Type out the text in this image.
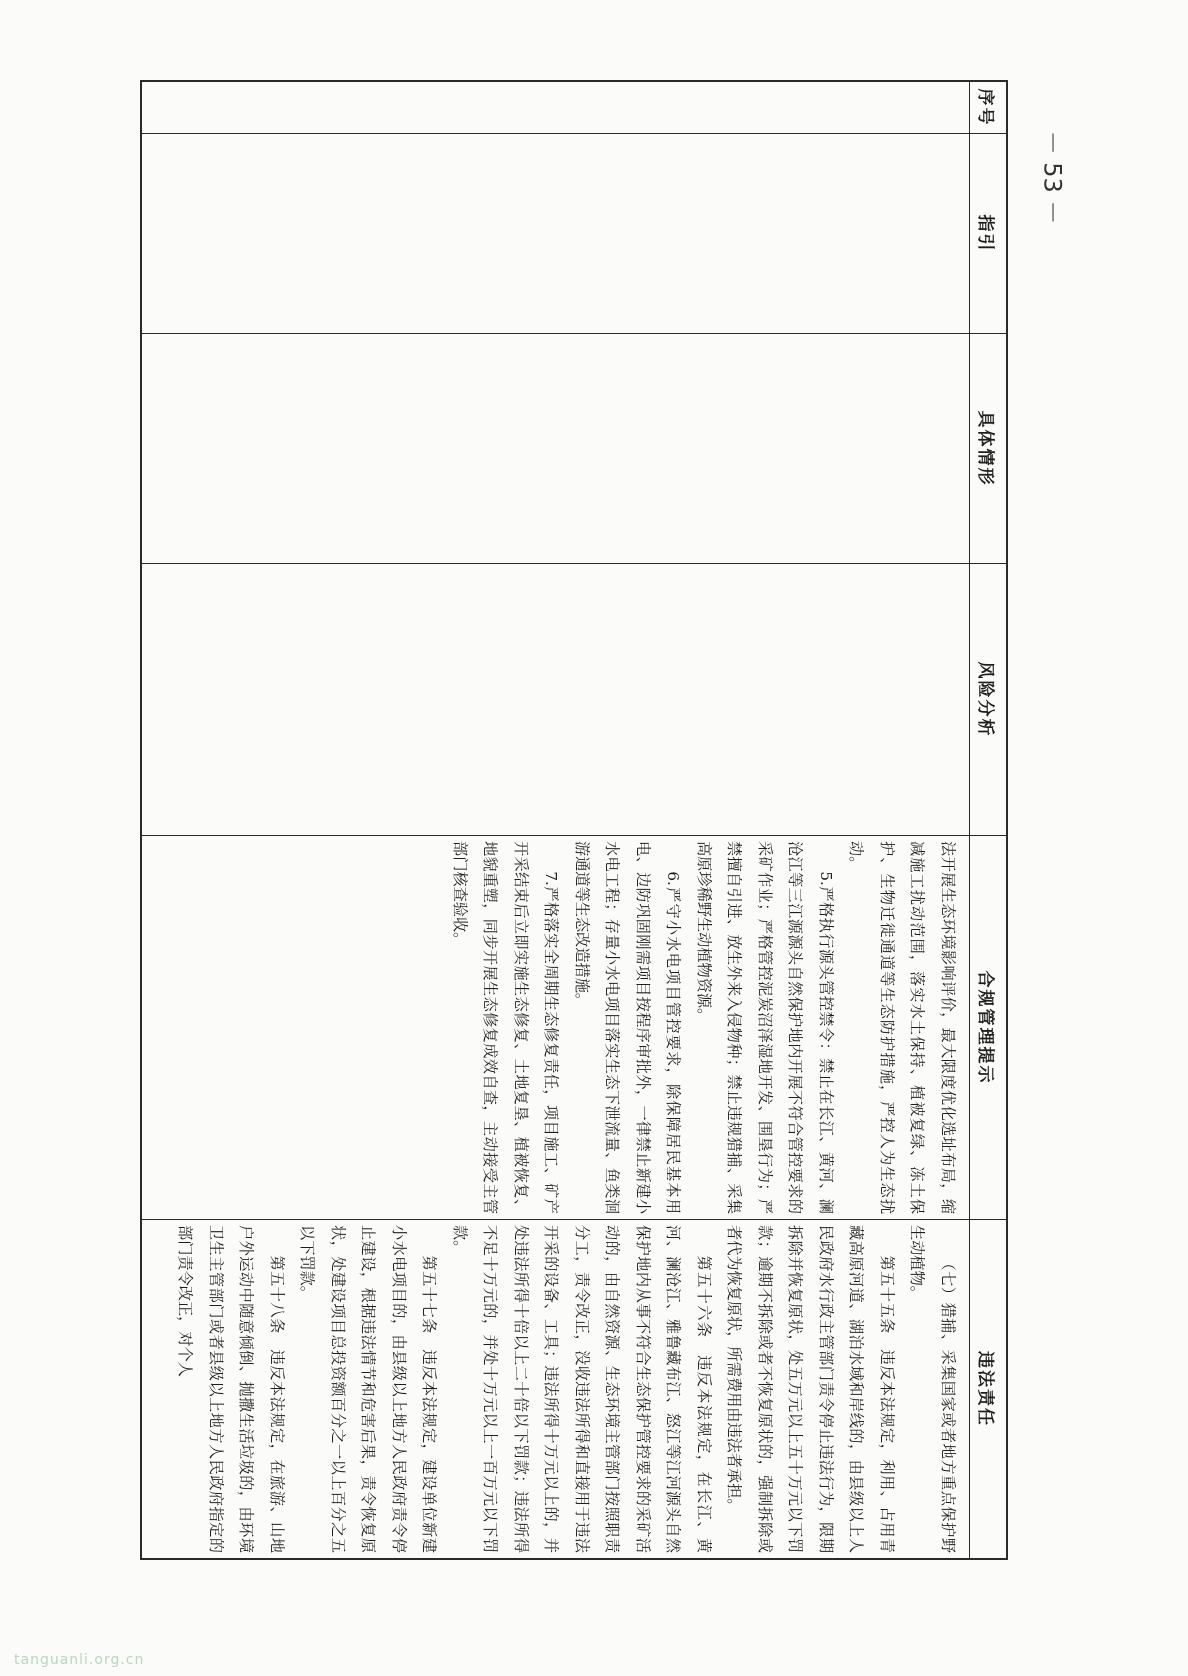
序号
指引
具体情形
风险分析
合规管理提示
违法责任

法开展生态环境影响评价，最大限度优化选址布局，缩减施工扰动范围，落实水土保持、植被复绿、冻土保护、生物迁徙通道等生态防护措施，严控人为生态扰动。

5.严格执行源头管控禁令：禁止在长江、黄河、澜沧江等三江源源头自然保护地内开展不符合管控要求的采矿作业；严格管控泥炭沼泽湿地开发、围垦行为；严禁擅自引进、放生外来入侵物种；禁止违规猎捕、采集高原珍稀野生动植物资源。

6.严守小水电项目管控要求，除保障居民基本用电、边防巩固刚需项目按程序审批外，一律禁止新建小水电工程；存量小水电项目落实生态下泄流量、鱼类洄游通道等生态改造措施。

7.严格落实全周期生态修复责任，项目施工、矿产开采结束后立即实施生态修复、土地复垦、植被恢复、地貌重塑，同步开展生态修复成效自查，主动接受主管部门核查验收。

（七）猎捕、采集国家或者地方重点保护野生动植物。

第五十五条　违反本法规定，利用、占用青藏高原河道、湖泊水域和岸线的，由县级以上人民政府水行政主管部门责令停止违法行为，限期拆除并恢复原状，处五万元以上五十万元以下罚款；逾期不拆除或者不恢复原状的，强制拆除或者代为恢复原状，所需费用由违法者承担。

第五十六条　违反本法规定，在长江、黄河、澜沧江、雅鲁藏布江、怒江等江河源头自然保护地内从事不符合生态保护管控要求的采矿活动的，由自然资源、生态环境主管部门按照职责分工，责令改正，没收违法所得和直接用于违法开采的设备、工具；违法所得十万元以上的，并处违法所得十倍以上二十倍以下罚款；违法所得不足十万元的，并处十万元以上一百万元以下罚款。

第五十七条　违反本法规定，建设单位新建小水电项目的，由县级以上地方人民政府责令停止建设，根据违法情节和危害后果，责令恢复原状，处建设项目总投资额百分之一以上百分之五以下罚款。

第五十八条　违反本法规定，在旅游、山地户外运动中随意倾倒、抛撒生活垃圾的，由环境卫生主管部门或者县级以上地方人民政府指定的部门责令改正，对个人

－ 53 －
tanguanli.org.cn
